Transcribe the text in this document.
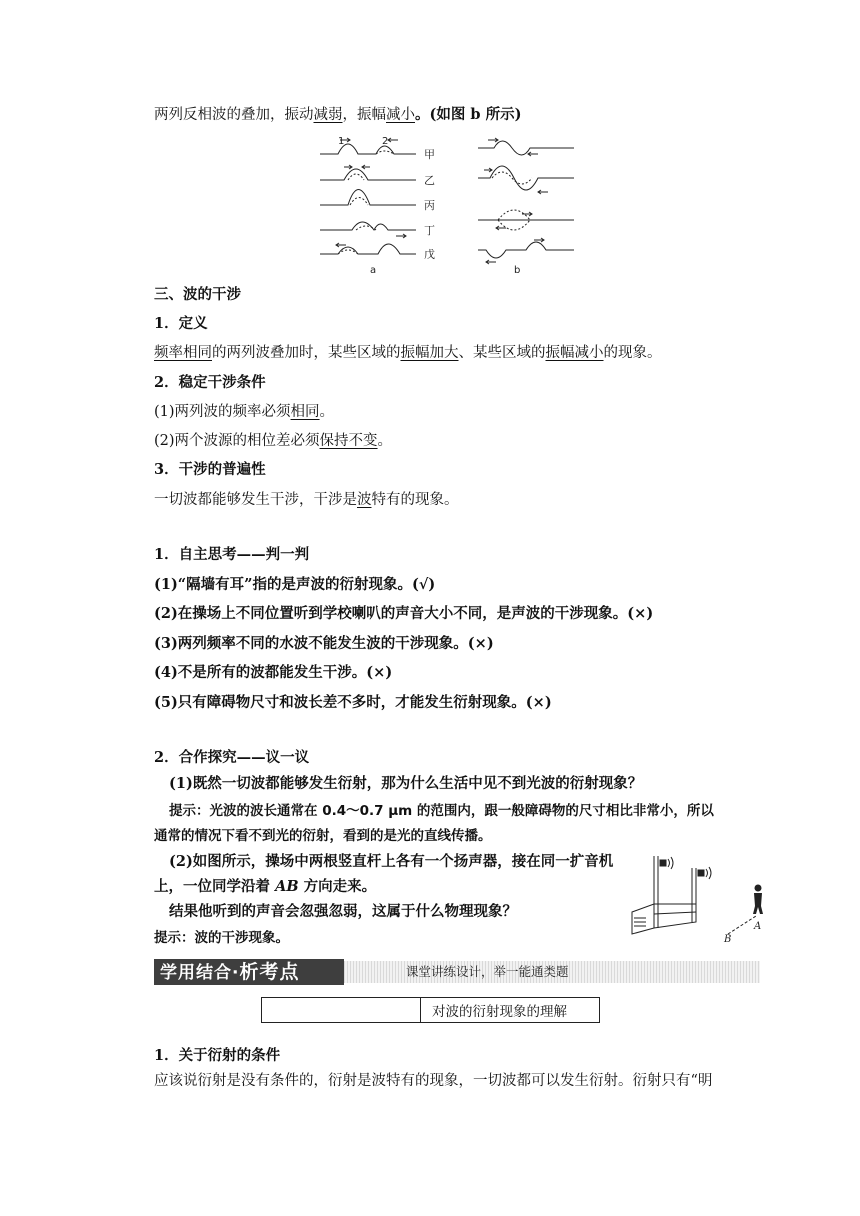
两列反相波的叠加，振动减弱，振幅减小。(如图 b 所示)
1	2
甲
乙
丙
丁
戊
a	b
三、波的干涉
1．定义
频率相同的两列波叠加时，某些区域的振幅加大、某些区域的振幅减小的现象。
2．稳定干涉条件
(1)两列波的频率必须相同。
(2)两个波源的相位差必须保持不变。
3．干涉的普遍性
一切波都能够发生干涉，干涉是波特有的现象。
1．自主思考——判一判
(1)“隔墙有耳”指的是声波的衍射现象。(√)
(2)在操场上不同位置听到学校喇叭的声音大小不同，是声波的干涉现象。(×)
(3)两列频率不同的水波不能发生波的干涉现象。(×)
(4)不是所有的波都能发生干涉。(×)
(5)只有障碍物尺寸和波长差不多时，才能发生衍射现象。(×)
2．合作探究——议一议
(1)既然一切波都能够发生衍射，那为什么生活中见不到光波的衍射现象？
提示：光波的波长通常在 0.4～0.7 μm 的范围内，跟一般障碍物的尺寸相比非常小，所以
通常的情况下看不到光的衍射，看到的是光的直线传播。
(2)如图所示，操场中两根竖直杆上各有一个扬声器，接在同一扩音机
上，一位同学沿着 AB 方向走来。
结果他听到的声音会忽强忽弱，这属于什么物理现象？
提示：波的干涉现象。
A
B
学用结合·析考点	课堂讲练设计，举一能通类题
对波的衍射现象的理解
1．关于衍射的条件
应该说衍射是没有条件的，衍射是波特有的现象，一切波都可以发生衍射。衍射只有“明
